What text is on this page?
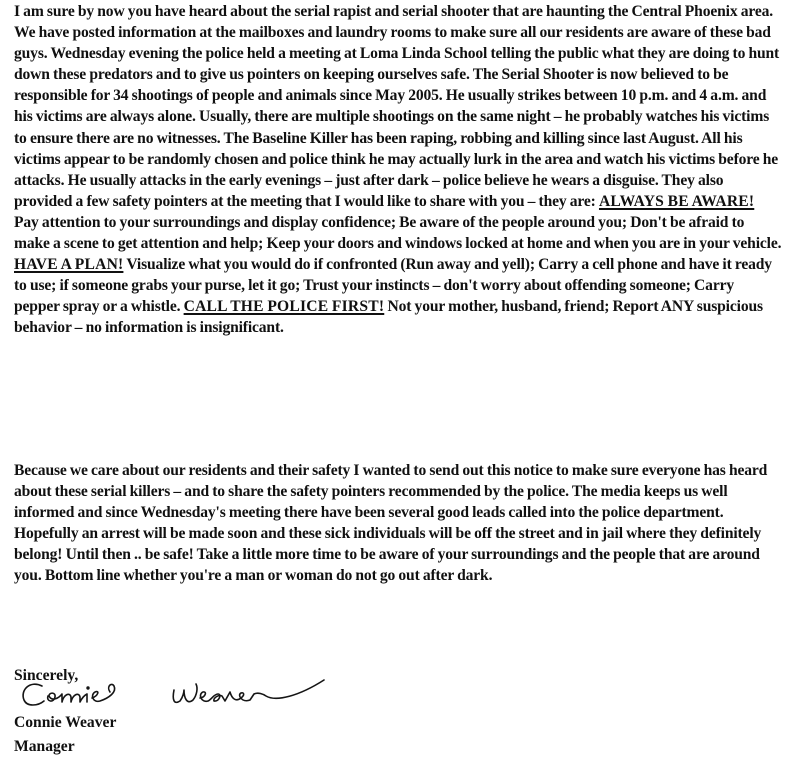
I am sure by now you have heard about the serial rapist and serial shooter that are haunting the Central Phoenix area. We have posted information at the mailboxes and laundry rooms to make sure all our residents are aware of these bad guys. Wednesday evening the police held a meeting at Loma Linda School telling the public what they are doing to hunt down these predators and to give us pointers on keeping ourselves safe. The Serial Shooter is now believed to be responsible for 34 shootings of people and animals since May 2005. He usually strikes between 10 p.m. and 4 a.m. and his victims are always alone. Usually, there are multiple shootings on the same night – he probably watches his victims to ensure there are no witnesses. The Baseline Killer has been raping, robbing and killing since last August. All his victims appear to be randomly chosen and police think he may actually lurk in the area and watch his victims before he attacks. He usually attacks in the early evenings – just after dark – police believe he wears a disguise. They also provided a few safety pointers at the meeting that I would like to share with you – they are: ALWAYS BE AWARE! Pay attention to your surroundings and display confidence; Be aware of the people around you; Don't be afraid to make a scene to get attention and help; Keep your doors and windows locked at home and when you are in your vehicle. HAVE A PLAN! Visualize what you would do if confronted (Run away and yell); Carry a cell phone and have it ready to use; if someone grabs your purse, let it go; Trust your instincts – don't worry about offending someone; Carry pepper spray or a whistle. CALL THE POLICE FIRST! Not your mother, husband, friend; Report ANY suspicious behavior – no information is insignificant.

Because we care about our residents and their safety I wanted to send out this notice to make sure everyone has heard about these serial killers – and to share the safety pointers recommended by the police. The media keeps us well informed and since Wednesday's meeting there have been several good leads called into the police department. Hopefully an arrest will be made soon and these sick individuals will be off the street and in jail where they definitely belong! Until then .. be safe! Take a little more time to be aware of your surroundings and the people that are around you. Bottom line whether you're a man or woman do not go out after dark.

Sincerely,
Connie Weaver
Manager
